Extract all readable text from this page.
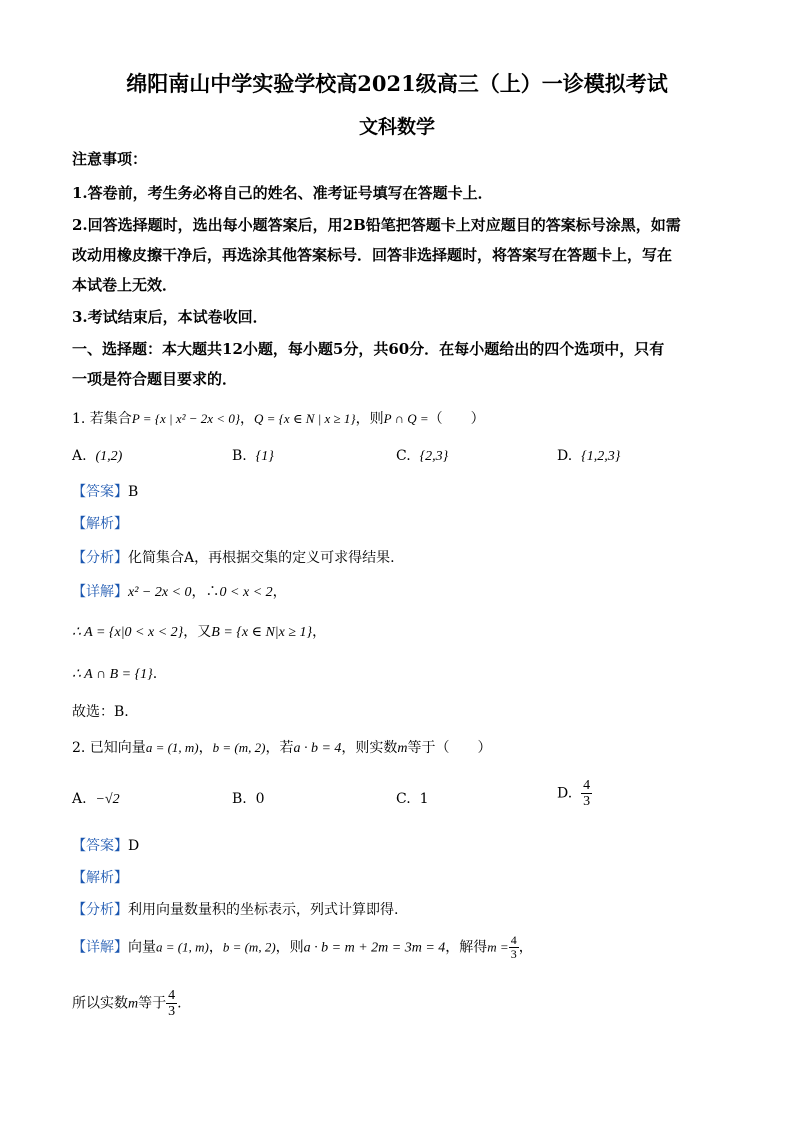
绵阳南山中学实验学校高2021级高三（上）一诊模拟考试
文科数学
注意事项：
1.答卷前，考生务必将自己的姓名、准考证号填写在答题卡上．
2.回答选择题时，选出每小题答案后，用2B铅笔把答题卡上对应题目的答案标号涂黑，如需
改动用橡皮擦干净后，再选涂其他答案标号．回答非选择题时，将答案写在答题卡上，写在
本试卷上无效．
3.考试结束后，本试卷收回．
一、选择题：本大题共12小题，每小题5分，共60分．在每小题给出的四个选项中，只有
一项是符合题目要求的．
1. 若集合P = {x | x² − 2x < 0}，Q = {x ∈ N | x ≥ 1}，则P ∩ Q =（　　）
A. (1,2)	B. {1}	C. {2,3}	D. {1,2,3}
【答案】B
【解析】
【分析】化简集合A，再根据交集的定义可求得结果.
【详解】x² − 2x < 0，∴0 < x < 2，
∴ A = {x|0 < x < 2}，又B = {x ∈ N|x ≥ 1}，
∴ A ∩ B = {1}.
故选：B.
2. 已知向量a = (1, m)，b = (m, 2)，若a · b = 4，则实数m等于（　　）
A. −√2	B. 0	C. 1	D. $\frac{4}{3}$
【答案】D
【解析】
【分析】利用向量数量积的坐标表示，列式计算即得.
【详解】向量a = (1, m)，b = (m, 2)，则a · b = m + 2m = 3m = 4，解得$m = \frac{4}{3}$ ，
所以实数m等于 $\frac{4}{3}$ .
